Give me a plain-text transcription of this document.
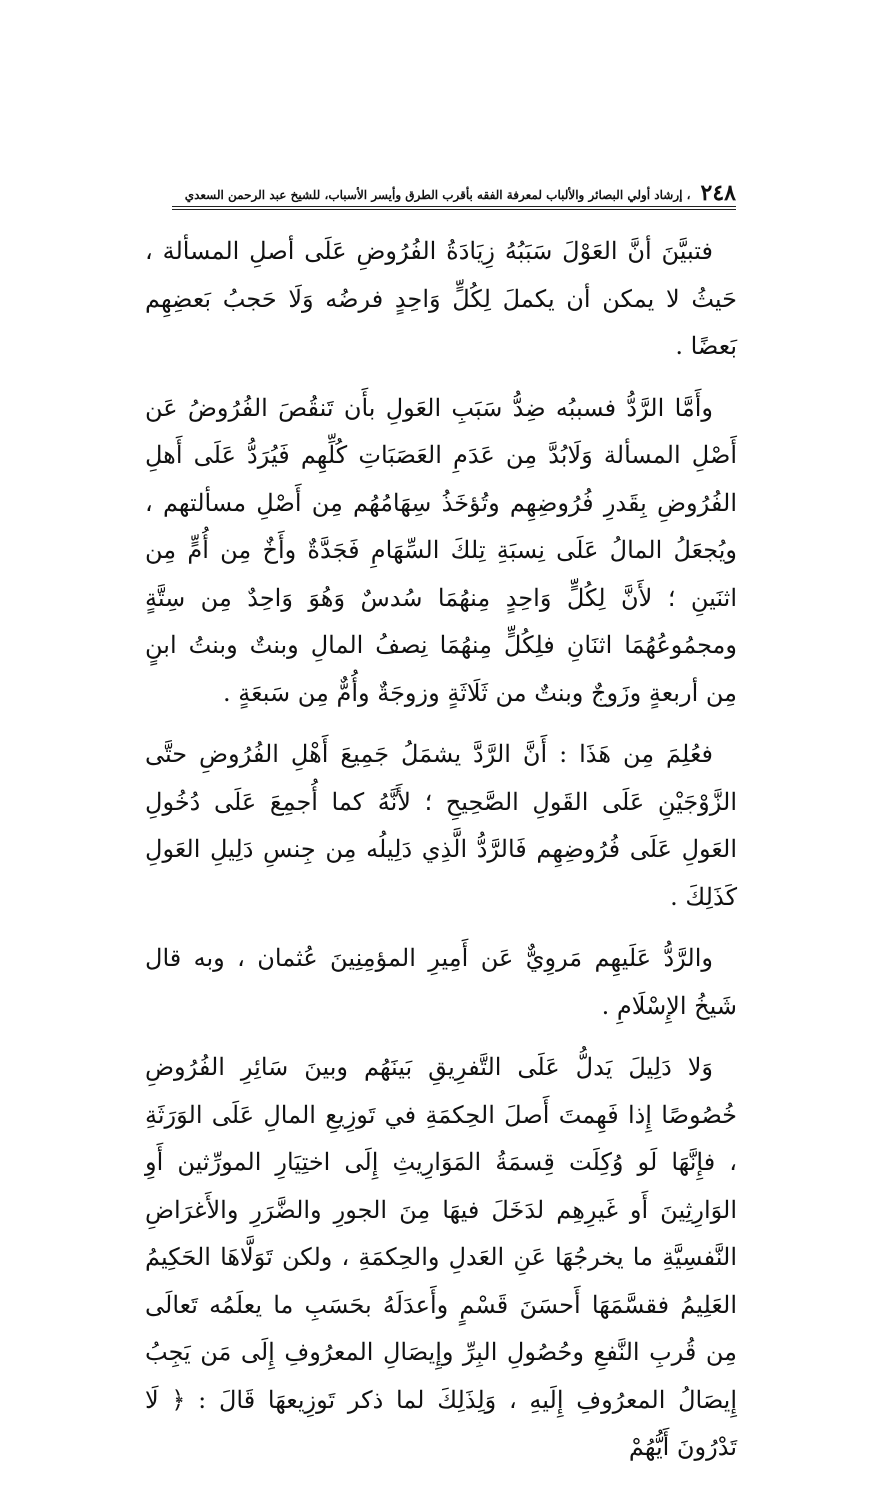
٢٤٨
، إرشاد أولي البصائر والألباب لمعرفة الفقه بأقرب الطرق وأيسر الأسباب، للشيخ عبد الرحمن السعدي

فتبيَّنَ أنَّ العَوْلَ سَبَبُهُ زِيَادَةُ الفُرُوضِ عَلَى أصلِ المسألة ، حَيثُ لا يمكن أن يكملَ لِكُلٍّ وَاحِدٍ فرضُه وَلَا حَجبُ بَعضِهِم بَعضًا .

وأَمَّا الرَّدُّ فسببُه ضِدُّ سَبَبِ العَولِ بأَن تَنقُصَ الفُرُوضُ عَن أَصْلِ المسألة وَلَابُدَّ مِن عَدَمِ العَصَبَاتِ كُلِّهِم فَيُرَدُّ عَلَى أَهلِ الفُرُوضِ بِقَدرِ فُرُوضِهِم وتُؤخَذُ سِهَامُهُم مِن أَصْلِ مسألتهم ، ويُجعَلُ المالُ عَلَى نِسبَةِ تِلكَ السِّهَامِ فَجَدَّةٌ وأَخٌ مِن أُمٍّ مِن اثنَينِ ؛ لأَنَّ لِكُلٍّ وَاحِدٍ مِنهُمَا سُدسٌ وَهُوَ وَاحِدٌ مِن سِتَّةٍ ومجمُوعُهُمَا اثنَانِ فلِكُلٍّ مِنهُمَا نِصفُ المالِ وبنتٌ وبنتُ ابنٍ مِن أربعةٍ وزَوجٌ وبنتٌ من ثَلَاثَةٍ وزوجَةٌ وأُمٌّ مِن سَبعَةٍ .

فعُلِمَ مِن هَذَا : أَنَّ الرَّدَّ يشمَلُ جَمِيعَ أَهْلِ الفُرُوضِ حتَّى الزَّوْجَيْنِ عَلَى القَولِ الصَّحِيحِ ؛ لأَنَّهُ كما أُجمِعَ عَلَى دُخُولِ العَولِ عَلَى فُرُوضِهِم فَالرَّدُّ الَّذِي دَلِيلُه مِن جِنسِ دَلِيلِ العَولِ كَذَلِكَ .

والرَّدُّ عَلَيهِم مَروِيٌّ عَن أَمِيرِ المؤمِنِينَ عُثمان ، وبه قال شَيخُ الإِسْلَامِ .

وَلا دَلِيلَ يَدلُّ عَلَى التَّفرِيقِ بَينَهُم وبينَ سَائِرِ الفُرُوضِ خُصُوصًا إِذا فَهِمتَ أَصلَ الحِكمَةِ في تَوزِيعِ المالِ عَلَى الوَرَثَةِ ، فإِنَّهَا لَو وُكِلَت قِسمَةُ المَوَارِيثِ إِلَى اختِيَارِ المورِّثين أَوِ الوَارِثِينَ أَو غَيرِهِم لدَخَلَ فيهَا مِنَ الجورِ والضَّرَرِ والأَغرَاضِ النَّفسِيَّةِ ما يخرجُهَا عَنِ العَدلِ والحِكمَةِ ، ولكن تَوَلَّاهَا الحَكِيمُ العَلِيمُ فقسَّمَهَا أَحسَنَ قَسْمٍ وأَعدَلَهُ بحَسَبِ ما يعلَمُه تَعالَى مِن قُربِ النَّفعِ وحُصُولِ البِرِّ وإِيصَالِ المعرُوفِ إِلَى مَن يَجِبُ إِيصَالُ المعرُوفِ إِلَيهِ ، وَلِذَلِكَ لما ذكر تَوزِيعهَا قَالَ : ﴿ لَا تَدْرُونَ أَيُّهُمْ
